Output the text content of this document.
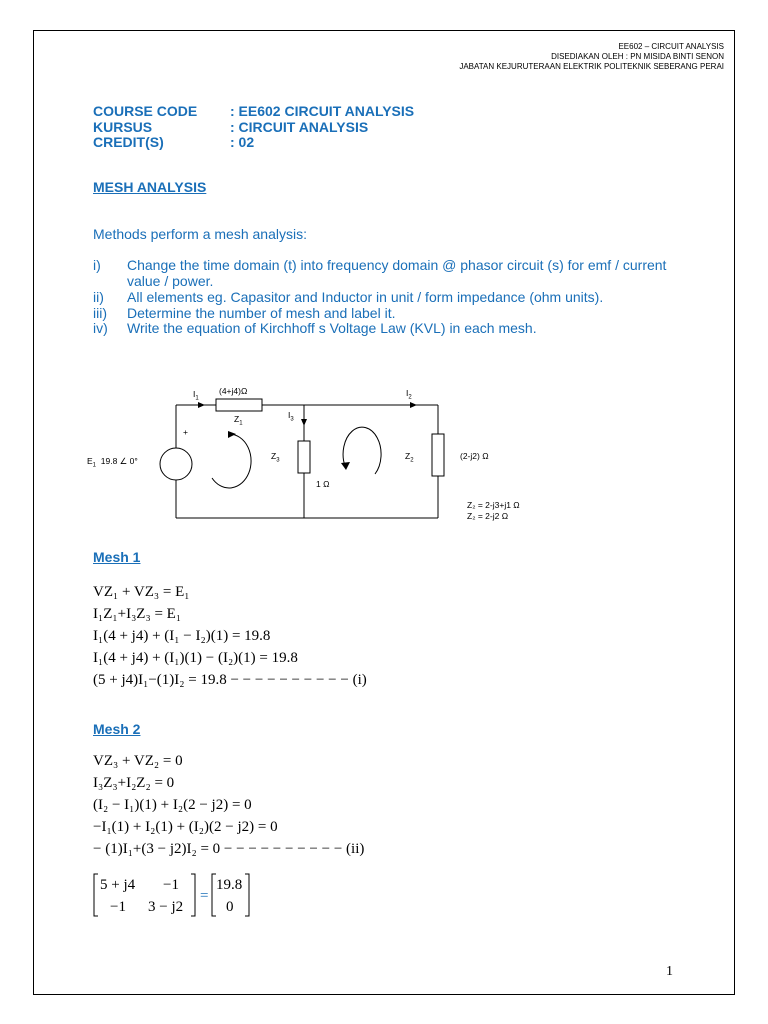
EE602 – CIRCUIT ANALYSIS
DISEDIAKAN OLEH : PN MISIDA BINTI SENON
JABATAN KEJURUTERAAN ELEKTRIK POLITEKNIK SEBERANG PERAI
COURSE CODE : EE602 CIRCUIT ANALYSIS
KURSUS	: CIRCUIT ANALYSIS
CREDIT(S)	: 02
MESH ANALYSIS
Methods perform a mesh analysis:
i) Change the time domain (t) into frequency domain @ phasor circuit (s) for emf / current value / power.
ii) All elements eg. Capasitor and Inductor in unit / form impedance (ohm units).
iii) Determine the number of mesh and label it.
iv) Write the equation of Kirchhoff s Voltage Law (KVL) in each mesh.
$I_1$
(4+j4)Ω
$Z_1$
$I_3$
$I_2$
+
$E_1$ 19.8 ∠ 0°	$Z_3$
1 Ω
$Z_2$	(2-j2) Ω
Z₂ = 2-j3+j1 Ω
Z₂ = 2-j2 Ω
Mesh 1
VZ₁ + VZ₃ = E₁
I₁Z₁+I₃Z₃ = E₁
I₁(4 + j4) + (I₁ − I₂)(1) = 19.8
I₁(4 + j4) + (I₁)(1) − (I₂)(1) = 19.8
(5 + j4)I₁−(1)I₂ = 19.8 − − − − − − − − − − (i)
Mesh 2
VZ₃ + VZ₂ = 0
I₃Z₃+I₂Z₂ = 0
(I₂ − I₁)(1) + I₂(2 − j2) = 0
−I₁(1) + I₂(1) + (I₂)(2 − j2) = 0
− (1)I₁+(3 − j2)I₂ = 0 − − − − − − − − − − (ii)
5 + j4 −1
−1 3 − j2
=
19.8
0
1
